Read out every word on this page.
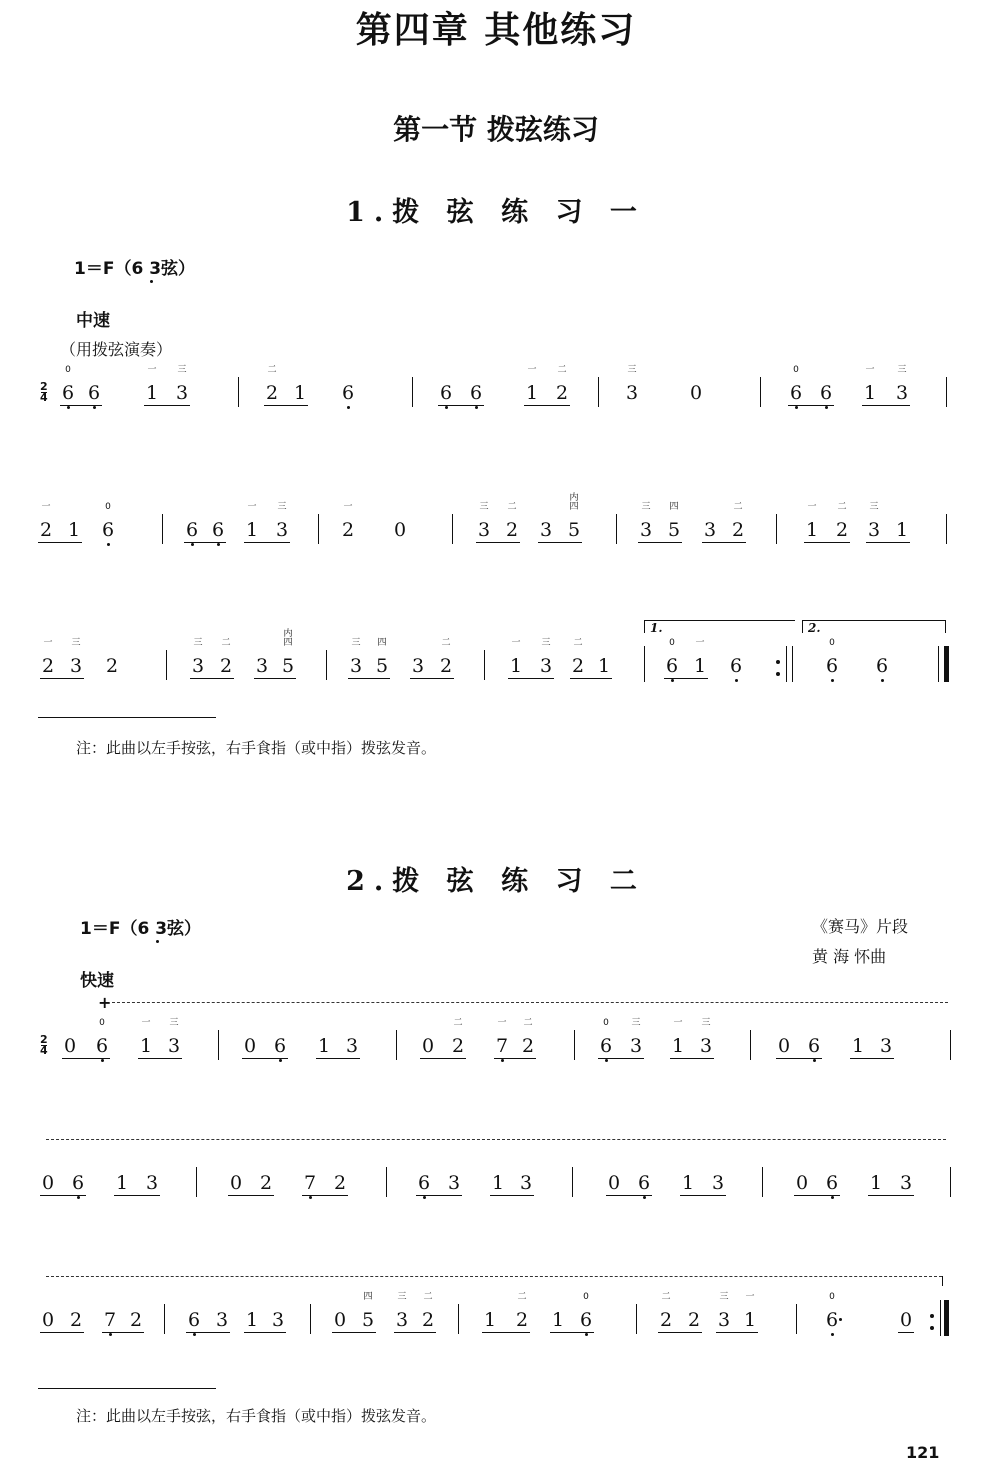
第四章 其他练习
第一节 拨弦练习
1.拨 弦 练 习 一
1＝F（6 3弦）
中速
（用拨弦演奏）
2
4 6
0
6 1
一
3
三
2
二
1 6	6 6 1
一
2
二
3
三
0	6
0
6 1
一
3
三
2
一
1 6
0
6 6 1
一
3
三
2
一
0	3
三
2
二
3 5
四
内
3
三
5
四
3 2
二
1
一
2
二
3
三
1
2
一
3
三
2	3
三
2
二
3 5
四
内
3
三
5
四
3 2
二
1
一
3
三
2
二
1
1.
6
0
1
一
6
2.
6
0
6
注：此曲以左手按弦，右手食指（或中指）拨弦发音。
2.拨 弦 练 习 二
1＝F（6 3弦）	《赛马》片段
黄 海 怀曲
快速
+
2
4 0 6
0
1
一
3
三
0 6 1 3	0 2
二
7
一
2
二
6
0
3
三
1
一
3
三
0 6 1 3
0 6 1 3	0 2 7 2	6 3 1 3	0 6 1 3	0 6 1 3
0 2 7 2 6 3 1 3	0 5
四
3
三
2
二
1 2
二
1 6
0
2
二
2 3
三
1
一
6
0
0
注：此曲以左手按弦，右手食指（或中指）拨弦发音。
121
